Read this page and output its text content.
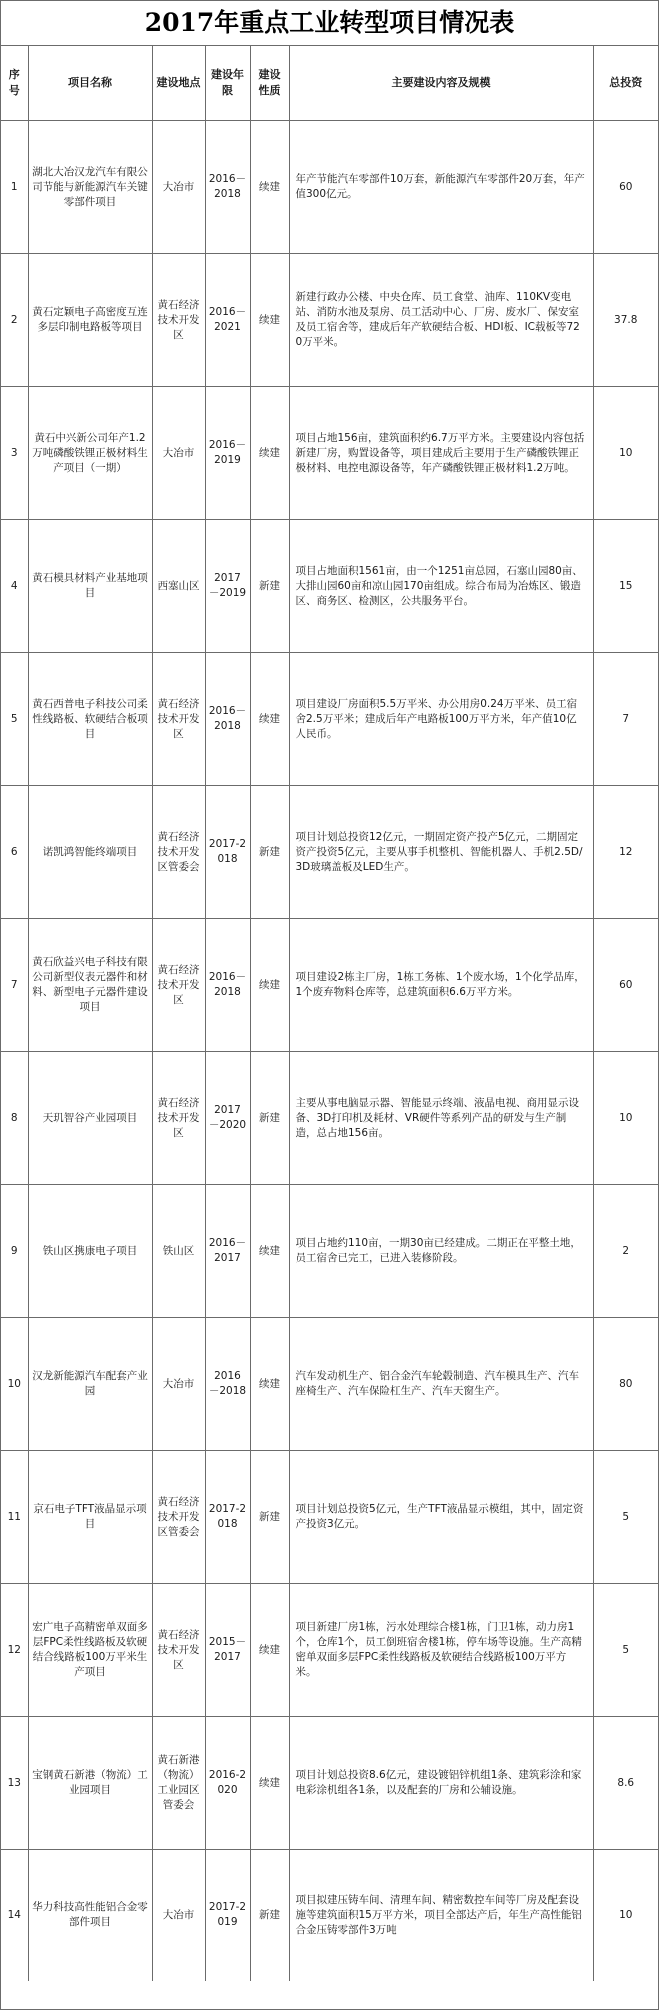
2017年重点工业转型项目情况表
序号	项目名称	建设地点	建设年限	建设性质	主要建设内容及规模	总投资
1	湖北大冶汉龙汽车有限公司节能与新能源汽车关键零部件项目	大冶市	2016－2018	续建	年产节能汽车零部件10万套，新能源汽车零部件20万套，年产值300亿元。	60
2	黄石定颖电子高密度互连多层印制电路板等项目	黄石经济技术开发区	2016－2021	续建	新建行政办公楼、中央仓库、员工食堂、油库、110KV变电站、消防水池及泵房、员工活动中心、厂房、废水厂、保安室及员工宿舍等，建成后年产软硬结合板、HDI板、IC载板等720万平米。	37.8
3	黄石中兴新公司年产1.2万吨磷酸铁锂正极材料生产项目（一期）	大冶市	2016－2019	续建	项目占地156亩，建筑面积约6.7万平方米。主要建设内容包括新建厂房，购置设备等，项目建成后主要用于生产磷酸铁锂正极材料、电控电源设备等，年产磷酸铁锂正极材料1.2万吨。	10
4	黄石模具材料产业基地项目	西塞山区	2017 －2019	新建	项目占地面积1561亩，由一个1251亩总园，石塞山园80亩、大排山园60亩和凉山园170亩组成。综合布局为冶炼区、锻造区、商务区、检测区，公共服务平台。	15
5	黄石西普电子科技公司柔性线路板、软硬结合板项目	黄石经济技术开发区	2016－2018	续建	项目建设厂房面积5.5万平米、办公用房0.24万平米、员工宿舍2.5万平米；建成后年产电路板100万平方米，年产值10亿人民币。	7
6	诺凯鸿智能终端项目	黄石经济技术开发区管委会	2017-2018	新建	项目计划总投资12亿元，一期固定资产投产5亿元，二期固定资产投资5亿元，主要从事手机整机、智能机器人、手机2.5D/3D玻璃盖板及LED生产。	12
7	黄石欣益兴电子科技有限公司新型仪表元器件和材料、新型电子元器件建设项目	黄石经济技术开发区	2016－2018	续建	项目建设2栋主厂房，1栋工务栋、1个废水场，1个化学品库，1个废弃物料仓库等，总建筑面积6.6万平方米。	60
8	天玑智谷产业园项目	黄石经济技术开发区	2017 －2020	新建	主要从事电脑显示器、智能显示终端、液晶电视、商用显示设备、3D打印机及耗材、VR硬件等系列产品的研发与生产制造，总占地156亩。	10
9	铁山区携康电子项目	铁山区	2016－2017	续建	项目占地约110亩，一期30亩已经建成。二期正在平整土地，员工宿舍已完工，已进入装修阶段。	2
10	汉龙新能源汽车配套产业园	大冶市	2016 －2018	续建	汽车发动机生产、铝合金汽车轮毂制造、汽车模具生产、汽车座椅生产、汽车保险杠生产、汽车天窗生产。	80
11	京石电子TFT液晶显示项目	黄石经济技术开发区管委会	2017-2018	新建	项目计划总投资5亿元，生产TFT液晶显示模组，其中，固定资产投资3亿元。	5
12	宏广电子高精密单双面多层FPC柔性线路板及软硬结合线路板100万平米生产项目	黄石经济技术开发区	2015－2017	续建	项目新建厂房1栋，污水处理综合楼1栋，门卫1栋，动力房1个，仓库1个，员工倒班宿舍楼1栋，停车场等设施。生产高精密单双面多层FPC柔性线路板及软硬结合线路板100万平方米。	5
13	宝钢黄石新港（物流）工业园项目	黄石新港（物流）工业园区管委会	2016-2020	续建	项目计划总投资8.6亿元，建设镀铝锌机组1条、建筑彩涂和家电彩涂机组各1条，以及配套的厂房和公辅设施。	8.6
14	华力科技高性能铝合金零部件项目	大冶市	2017-2019	新建	项目拟建压铸车间、清理车间、精密数控车间等厂房及配套设施等建筑面积15万平方米，项目全部达产后，年生产高性能铝合金压铸零部件3万吨	10
